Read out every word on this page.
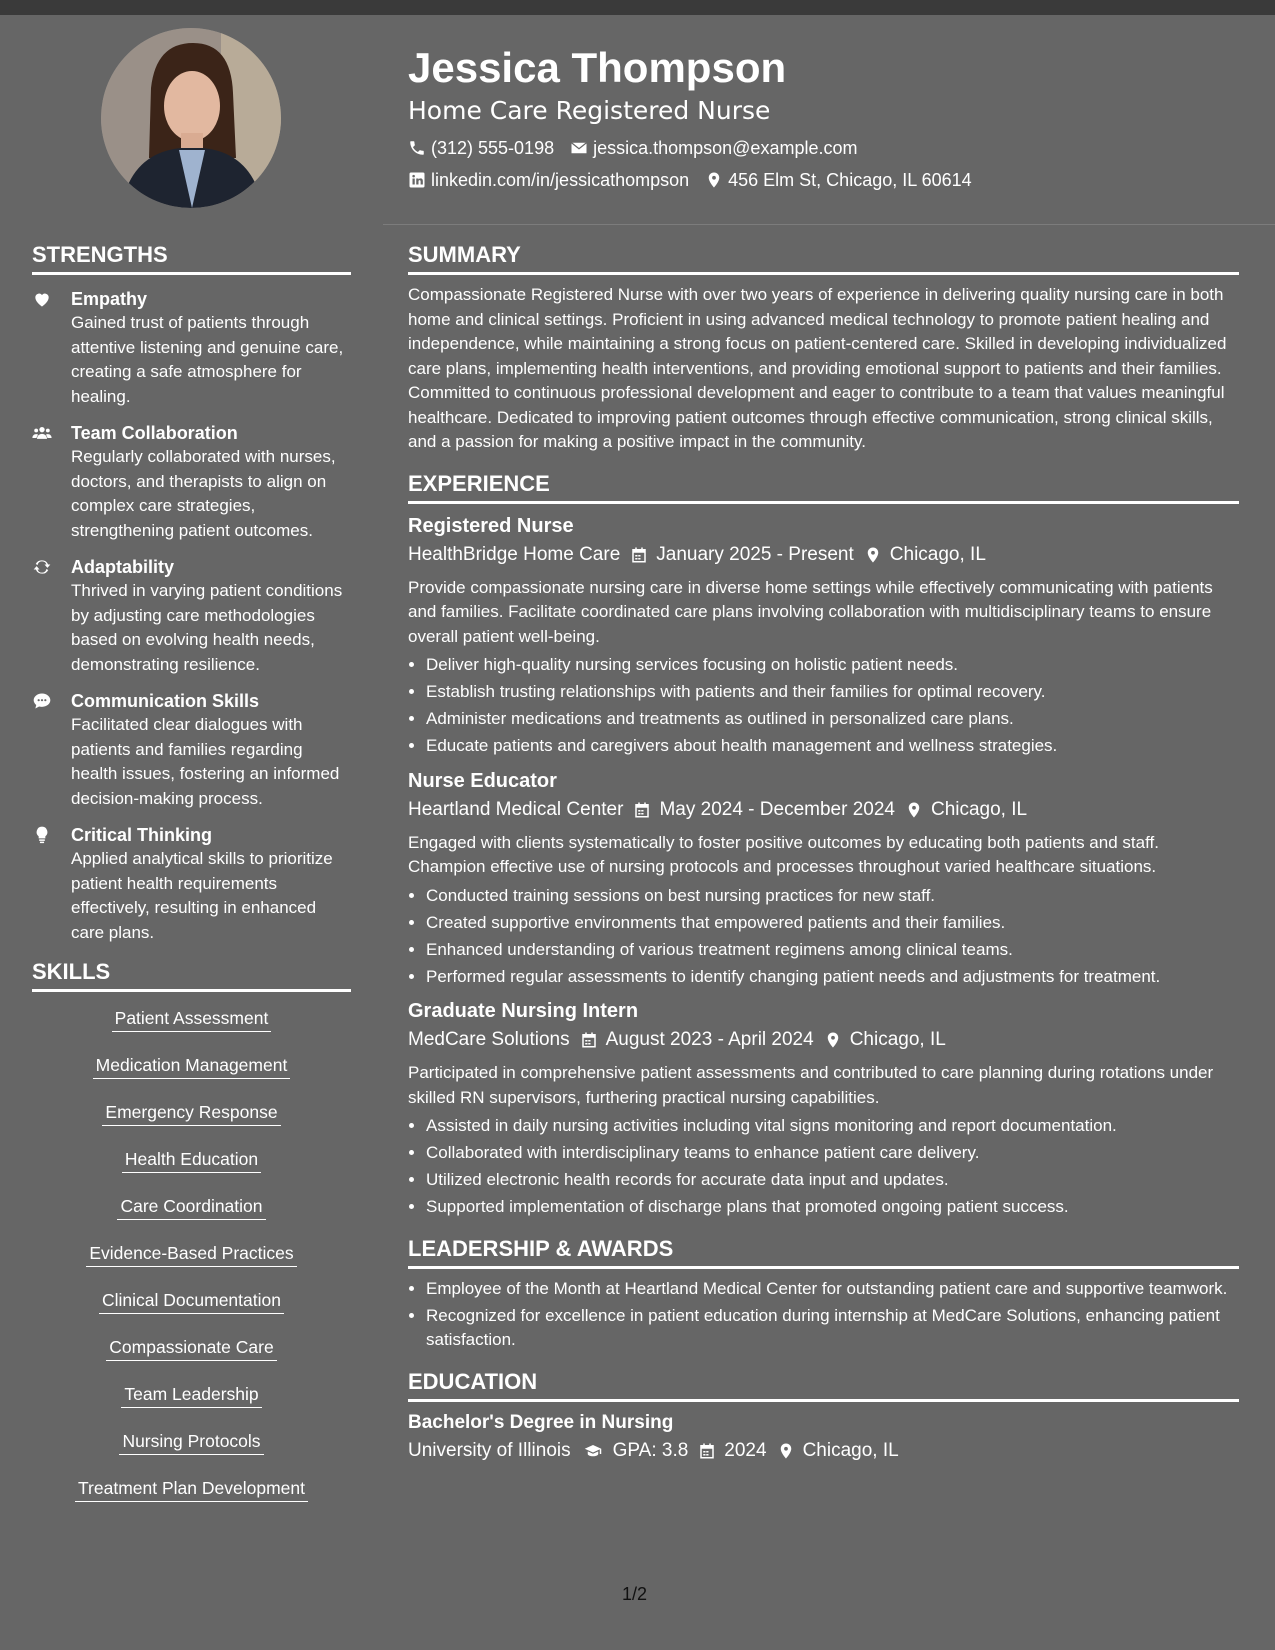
Jessica Thompson
Home Care Registered Nurse
(312) 555-0198 jessica.thompson@example.com
linkedin.com/in/jessicathompson 456 Elm St, Chicago, IL 60614
STRENGTHS
Empathy
Gained trust of patients through attentive listening and genuine care, creating a safe atmosphere for healing.
Team Collaboration
Regularly collaborated with nurses, doctors, and therapists to align on complex care strategies, strengthening patient outcomes.
Adaptability
Thrived in varying patient conditions by adjusting care methodologies based on evolving health needs, demonstrating resilience.
Communication Skills
Facilitated clear dialogues with patients and families regarding health issues, fostering an informed decision-making process.
Critical Thinking
Applied analytical skills to prioritize patient health requirements effectively, resulting in enhanced care plans.
SKILLS
Patient Assessment
Medication Management
Emergency Response
Health Education
Care Coordination
Evidence-Based Practices
Clinical Documentation
Compassionate Care
Team Leadership
Nursing Protocols
Treatment Plan Development
SUMMARY

Compassionate Registered Nurse with over two years of experience in delivering quality nursing care in both home and clinical settings. Proficient in using advanced medical technology to promote patient healing and independence, while maintaining a strong focus on patient-centered care. Skilled in developing individualized care plans, implementing health interventions, and providing emotional support to patients and their families. Committed to continuous professional development and eager to contribute to a team that values meaningful healthcare. Dedicated to improving patient outcomes through effective communication, strong clinical skills, and a passion for making a positive impact in the community.

EXPERIENCE
Registered Nurse
HealthBridge Home Care January 2025 - Present Chicago, IL

Provide compassionate nursing care in diverse home settings while effectively communicating with patients and families. Facilitate coordinated care plans involving collaboration with multidisciplinary teams to ensure overall patient well-being.

• Deliver high-quality nursing services focusing on holistic patient needs.
• Establish trusting relationships with patients and their families for optimal recovery.
• Administer medications and treatments as outlined in personalized care plans.
• Educate patients and caregivers about health management and wellness strategies.
Nurse Educator
Heartland Medical Center May 2024 - December 2024 Chicago, IL

Engaged with clients systematically to foster positive outcomes by educating both patients and staff. Champion effective use of nursing protocols and processes throughout varied healthcare situations.

• Conducted training sessions on best nursing practices for new staff.
• Created supportive environments that empowered patients and their families.
• Enhanced understanding of various treatment regimens among clinical teams.
• Performed regular assessments to identify changing patient needs and adjustments for treatment.
Graduate Nursing Intern
MedCare Solutions August 2023 - April 2024 Chicago, IL

Participated in comprehensive patient assessments and contributed to care planning during rotations under skilled RN supervisors, furthering practical nursing capabilities.

• Assisted in daily nursing activities including vital signs monitoring and report documentation.
• Collaborated with interdisciplinary teams to enhance patient care delivery.
• Utilized electronic health records for accurate data input and updates.
• Supported implementation of discharge plans that promoted ongoing patient success.
LEADERSHIP & AWARDS
• Employee of the Month at Heartland Medical Center for outstanding patient care and supportive teamwork.
• Recognized for excellence in patient education during internship at MedCare Solutions, enhancing patient satisfaction.
EDUCATION
Bachelor's Degree in Nursing
University of Illinois GPA: 3.8 2024 Chicago, IL
1/2
